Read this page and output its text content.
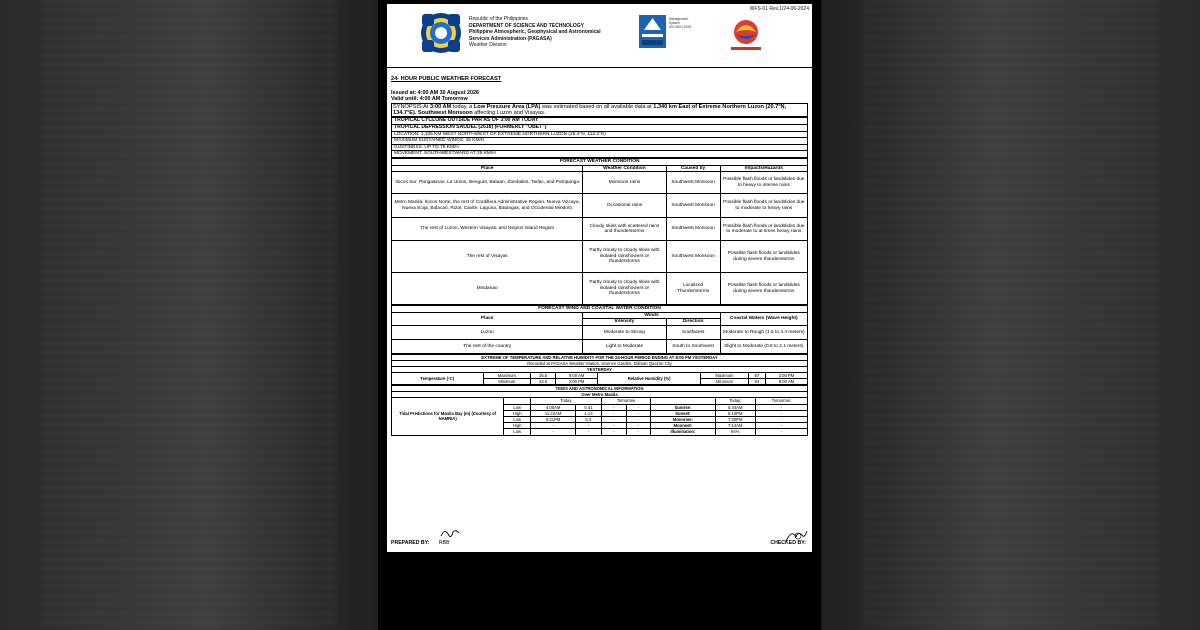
WFS-01 Rev.1/24-06-2024
Republic of the Philippines
DEPARTMENT OF SCIENCE AND TECHNOLOGY
Philippine Atmospheric, Geophysical and Astronomical
Services Administration (PAGASA)
Weather Division
Management
System
ISO 9001:2015
24- HOUR PUBLIC WEATHER FORECAST
Issued at: 4:00 AM 30 August 2026
Valid until: 4:00 AM Tomorrow
SYNOPSIS:At 3:00 AM today, a Low Pressure Area (LPA) was estimated based on all available data at 1,340 km East of Extreme Northern Luzon (20.7°N, 134.7°E). Southwest Monsoon affecting Luzon and Visayas.
TROPICAL CYCLONE OUTSIDE PAR AS OF 3:00 AM TODAY
TROPICAL DEPRESSION SAUDEL (2618) (FORMERLY "OBET")
LOCATION: 1,105 KM WEST NORTHWEST OF EXTREME NORTHERN LUZON (25.4°N, 112.2°E)
MAXIMUM SUSTAINED WINDS: 45 KM/H
GUSTINESS: UP TO 75 KM/H
MOVEMENT: SOUTHWESTWARD AT 25 KM/H
FORECAST WEATHER CONDITION			
Place	Weather Condition	Caused by	Impacts/Hazards
Ilocos Sur, Pangasinan, La Union, Benguet, Bataan, Zambales, Tarlac, and Pampanga	Monsoon rains	Southwest Monsoon	Possible flash floods or landslides due to heavy to intense rains
Metro Manila, Ilocos Norte, the rest of Cordillera Administrative Region, Nueva Vizcaya, Nueva Ecija, Bulacan, Rizal, Cavite, Laguna, Batangas, and Occidental Mindoro	Occasional rains	Southwest Monsoon	Possible flash floods or landslides due to moderate to heavy rains
The rest of Luzon, Western Visayas, and Negros Island Region	Cloudy skies with scattered rains and thunderstorms	Southwest Monsoon	Possible flash floods or landslides due to moderate to at times heavy rains
The rest of Visayas	Partly cloudy to cloudy skies with isolated rainshowers or thunderstorms	Southwest Monsoon	Possible flash floods or landslides during severe thunderstorms
Mindanao	Partly cloudy to cloudy skies with isolated rainshowers or thunderstorms	Localized Thunderstorms	Possible flash floods or landslides during severe thunderstorms
FORECAST WIND AND COASTAL WATER CONDITION			
Place	Winds		Coastal Waters (Wave Height)
	Intensity	Direction	
Luzon	Moderate to Strong	Southwest	Moderate to Rough (1.5 to 3.4 meters)
The rest of the country	Light to Moderate	South to Southwest	Slight to Moderate (0.6 to 2.1 meters)
EXTREME OF TEMPERATURE AND RELATIVE HUMIDITY FOR THE 24-HOUR PERIOD ENDING AT 8:00 PM YESTERDAY							
Recorded at PAGASA Weather Station, Science Garden, Diliman Quezon City							
YESTERDAY							
Temperature (°C)	Maximum	25.5	9:00 AM	Relative Humidity (%)	Maximum	97	2:00 PM
	Minimum	24.0	2:00 PM		Minimum	94	8:00 AM
TIDES AND ASTRONOMICAL INFORMATION								
Over Metro Manila								
Tidal Predictions for Manila Bay (m) (Courtesy of NAMRIA)		Today		Tomorrow			Today:	Tomorrow:
	Low	4:00AM	0.41	-	-	Sunrise:	5:44AM	-
	High	11:22AM	1.13	-	-	Sunset:	6:10PM	-
	Low	6:21PM	0.3	-	-	Moonrise:	7:30PM	-
	High	-	-	-	-	Moonset:	7:14AM	-
	Low	-	-	-	-	Illumination:	94%	-
PREPARED BY: RBB	CHECKED BY:
